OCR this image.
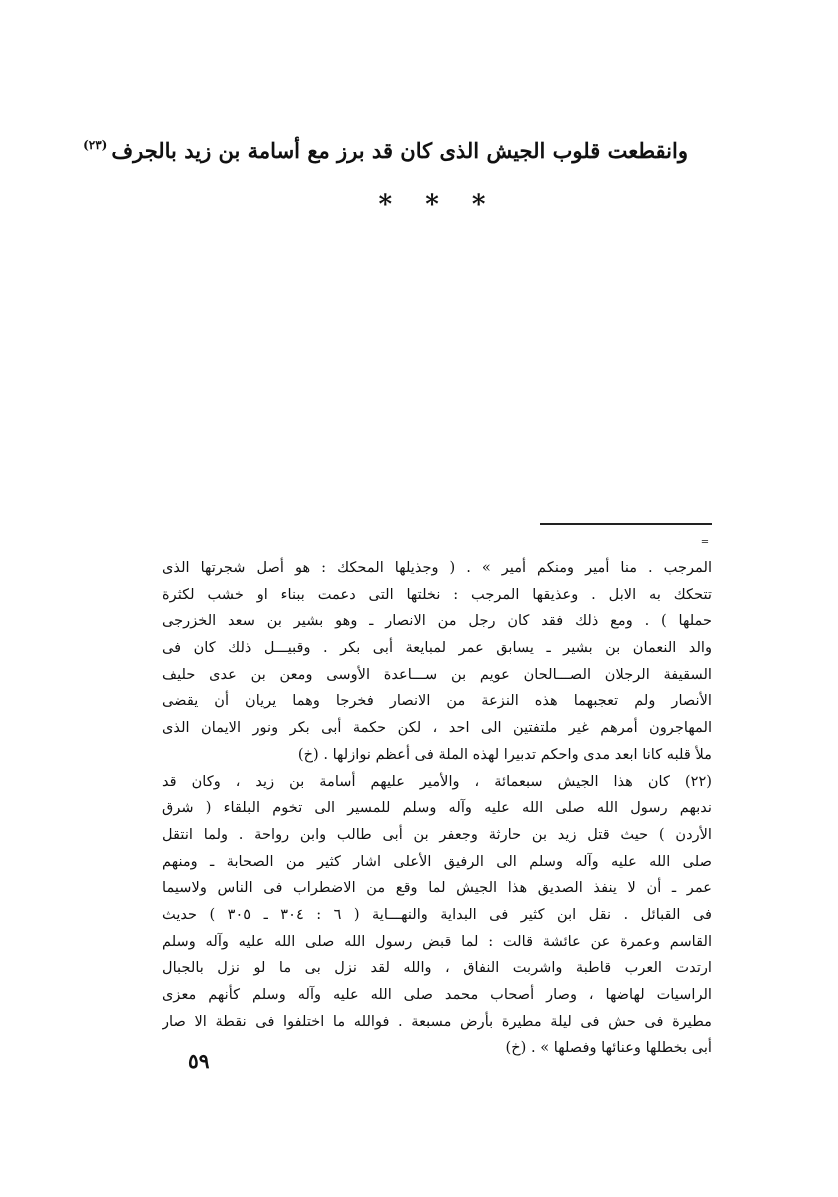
وانقطعت قلوب الجيش الذى كان قد برز مع أسامة بن زيد بالجرف$^{(٢٣)}$
* * *
=
المرجب . منا أمير ومنكم أمير » . ( وجذيلها المحكك : هو أصل شجرتها الذى
تتحكك به الابل . وعذيقها المرجب : نخلتها التى دعمت ببناء او خشب لكثرة
حملها ) . ومع ذلك فقد كان رجل من الانصار ـ وهو بشير بن سعد الخزرجى
والد النعمان بن بشير ـ يسابق عمر لمبايعة أبى بكر . وقبيـــل ذلك كان فى
السقيفة الرجلان الصـــالحان عويم بن ســـاعدة الأوسى ومعن بن عدى حليف
الأنصار ولم تعجبهما هذه النزعة من الانصار فخرجا وهما يريان أن يقضى
المهاجرون أمرهم غير ملتفتين الى احد ، لكن حكمة أبى بكر ونور الايمان الذى
ملأ قلبه كانا ابعد مدى واحكم تدبيرا لهذه الملة فى أعظم نوازلها . (خ)
(٢٢) كان هذا الجيش سبعمائة ، والأمير عليهم أسامة بن زيد ، وكان قد
ندبهم رسول الله صلى الله عليه وآله وسلم للمسير الى تخوم البلقاء ( شرق
الأردن ) حيث قتل زيد بن حارثة وجعفر بن أبى طالب وابن رواحة . ولما انتقل
صلى الله عليه وآله وسلم الى الرفيق الأعلى اشار كثير من الصحابة ـ ومنهم
عمر ـ أن لا ينفذ الصديق هذا الجيش لما وقع من الاضطراب فى الناس ولاسيما
فى القبائل . نقل ابن كثير فى البداية والنهـــاية ( ٦ : ٣٠٤ ـ ٣٠٥ ) حديث
القاسم وعمرة عن عائشة قالت : لما قبض رسول الله صلى الله عليه وآله وسلم
ارتدت العرب قاطبة واشربت النفاق ، والله لقد نزل بى ما لو نزل بالجبال
الراسيات لهاضها ، وصار أصحاب محمد صلى الله عليه وآله وسلم كأنهم معزى
مطيرة فى حش فى ليلة مطيرة بأرض مسبعة . فوالله ما اختلفوا فى نقطة الا صار
أبى بخطلها وعنائها وفصلها » . (خ)
٥٩
